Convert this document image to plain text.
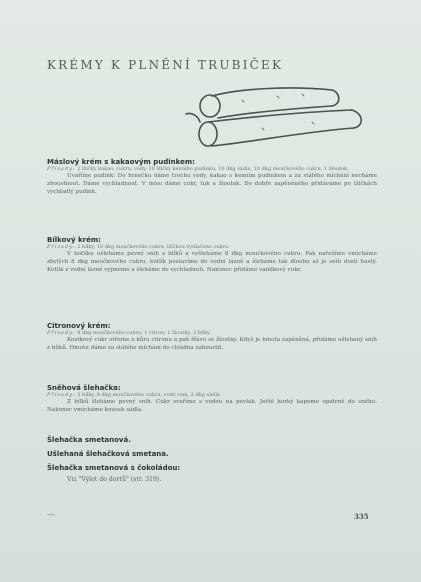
KRÉMY K PLNĚNÍ TRUBIČEK
Máslový krém s kakaovým pudinkem:
Přísady: 2 lžičky kakao, cukru, vody, 10 lžičky kenního pudinku, 10 dkg sádla, 10 dkg moučkového cukru, 1 žloutek.
Uvaříme pudink: Do hrnečku dáme trochu vody, kakao s kenním pudinkem a za stálého míchání necháme zhoustnout. Dáme vychladnout. V mísu dáme cukr, tuk a žloutek. Do dobře zapěněného přidáváme po lžičkách vychladlý pudink.
Bílkový krém:
Přísady: 2 bílky, 10 dkg moučkového cukru, lžičkou vydlačeno cukru.
V kotlíku ušleháme pevný sníh z bílků a vyšleháme 8 dkg moučkového cukru. Pak nařežíme vmícháme zbylých 8 dkg moučkového cukru, kotlík postavíme do vodní lázně a šleháme tak dlouho až je sníh dosti hustý. Kotlík z vodní lázně vyjmeme a šleháme do vychladnutí. Nakonec přidáme vanilkový cukr.
Citronový krém:
Přísady: 8 dkg moučkového cukru, 1 citron, 1 žloutky, 3 bílky.
Kostkový cukr otřeme o kůru citronu a pak šťávu se žloutky. Když je hmota zapěněná, přidáme ušlehaný sníh z bílků. Hmotu dáme za stálého míchání do chladna zahoustit.
Sněhová šlehačka:
Přísady: 2 bílky, 8 dkg moučkového cukru, vody rum, 2 dkg sádla.
Z bílků šleháme pevný sníh. Cukr svaříme s vodou na povlak. Ještě horký kapeme opatrně do sněhu. Nakonec vmícháme kousek sádla.
Šlehačka smetanová.
Ušlehaná šlehačková smetana.
Šlehačka smetanová s čokoládou:
Viz "Výlet do dortů" (str. 319).
—	335
